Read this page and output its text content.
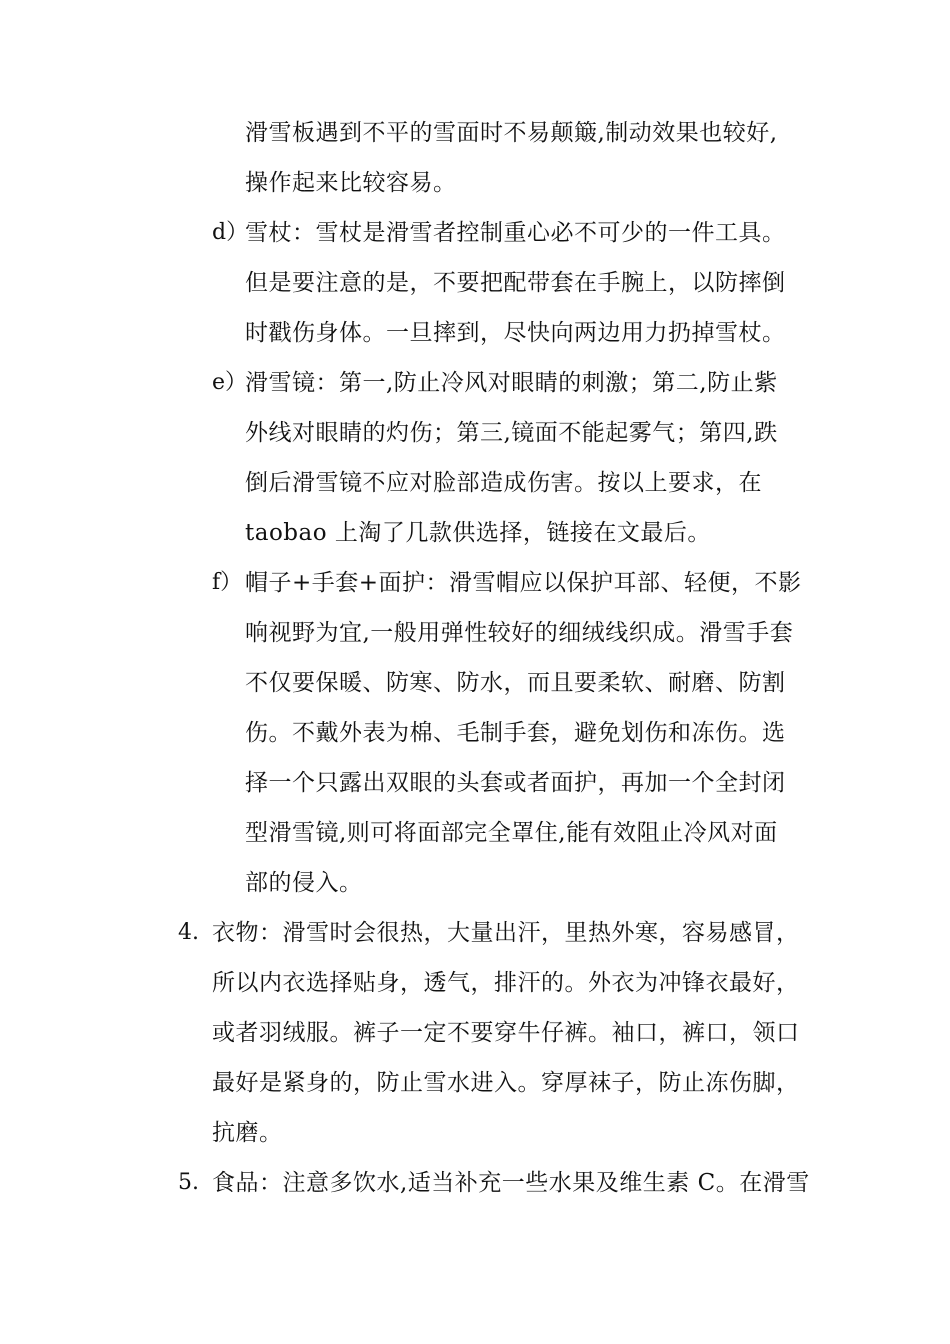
滑雪板遇到不平的雪面时不易颠簸,制动效果也较好,
操作起来比较容易。
d）
雪杖：雪杖是滑雪者控制重心必不可少的一件工具。
但是要注意的是，不要把配带套在手腕上，以防摔倒
时戳伤身体。一旦摔到，尽快向两边用力扔掉雪杖。
e）
滑雪镜：第一,防止冷风对眼睛的刺激；第二,防止紫
外线对眼睛的灼伤；第三,镜面不能起雾气；第四,跌
倒后滑雪镜不应对脸部造成伤害。按以上要求，在
taobao 上淘了几款供选择，链接在文最后。
f） 帽子+手套+面护：滑雪帽应以保护耳部、轻便，不影
响视野为宜,一般用弹性较好的细绒线织成。滑雪手套
不仅要保暖、防寒、防水，而且要柔软、耐磨、防割
伤。不戴外表为棉、毛制手套，避免划伤和冻伤。选
择一个只露出双眼的头套或者面护，再加一个全封闭
型滑雪镜,则可将面部完全罩住,能有效阻止冷风对面
部的侵入。
4. 衣物：滑雪时会很热，大量出汗，里热外寒，容易感冒，
所以内衣选择贴身，透气，排汗的。外衣为冲锋衣最好，
或者羽绒服。裤子一定不要穿牛仔裤。袖口，裤口，领口
最好是紧身的，防止雪水进入。穿厚袜子，防止冻伤脚，
抗磨。
5. 食品：注意多饮水,适当补充一些水果及维生素 C。在滑雪
